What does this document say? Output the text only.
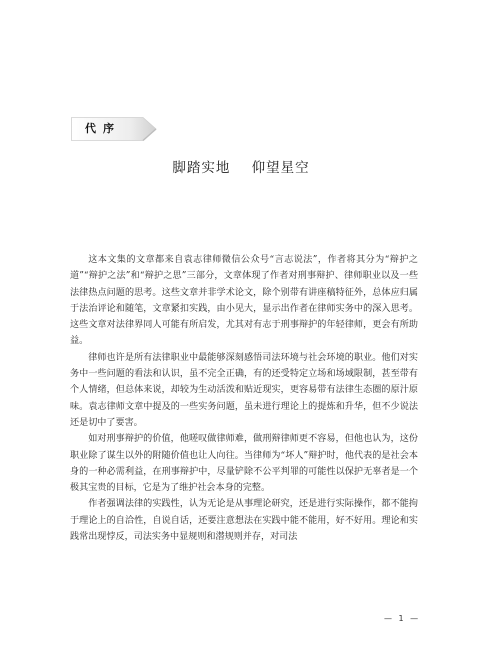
代序
脚踏实地    仰望星空

这本文集的文章都来自袁志律师微信公众号“言志说法”，作者将其分为“辩护之道”“辩护之法”和“辩护之思”三部分，文章体现了作者对刑事辩护、律师职业以及一些法律热点问题的思考。这些文章并非学术论文，除个别带有讲座稿特征外，总体应归属于法治评论和随笔，文章紧扣实践，由小见大，显示出作者在律师实务中的深入思考。这些文章对法律界同人可能有所启发，尤其对有志于刑事辩护的年轻律师，更会有所助益。

律师也许是所有法律职业中最能够深刻感悟司法环境与社会环境的职业。他们对实务中一些问题的看法和认识，虽不完全正确，有的还受特定立场和场域限制，甚至带有个人情绪，但总体来说，却较为生动活泼和贴近现实，更容易带有法律生态圈的原汁原味。袁志律师文章中提及的一些实务问题，虽未进行理论上的提炼和升华，但不少说法还是切中了要害。

如对刑事辩护的价值，他嗟叹做律师难，做刑辩律师更不容易，但他也认为，这份职业除了谋生以外的附随价值也让人向往。当律师为“坏人”辩护时，他代表的是社会本身的一种必需利益，在刑事辩护中，尽量铲除不公平判罪的可能性以保护无辜者是一个极其宝贵的目标，它是为了维护社会本身的完整。

作者强调法律的实践性，认为无论是从事理论研究，还是进行实际操作，都不能拘于理论上的自洽性，自说自话，还要注意想法在实践中能不能用，好不好用。理论和实践常出现悖反，司法实务中显规则和潜规则并存，对司法

— 1 —
